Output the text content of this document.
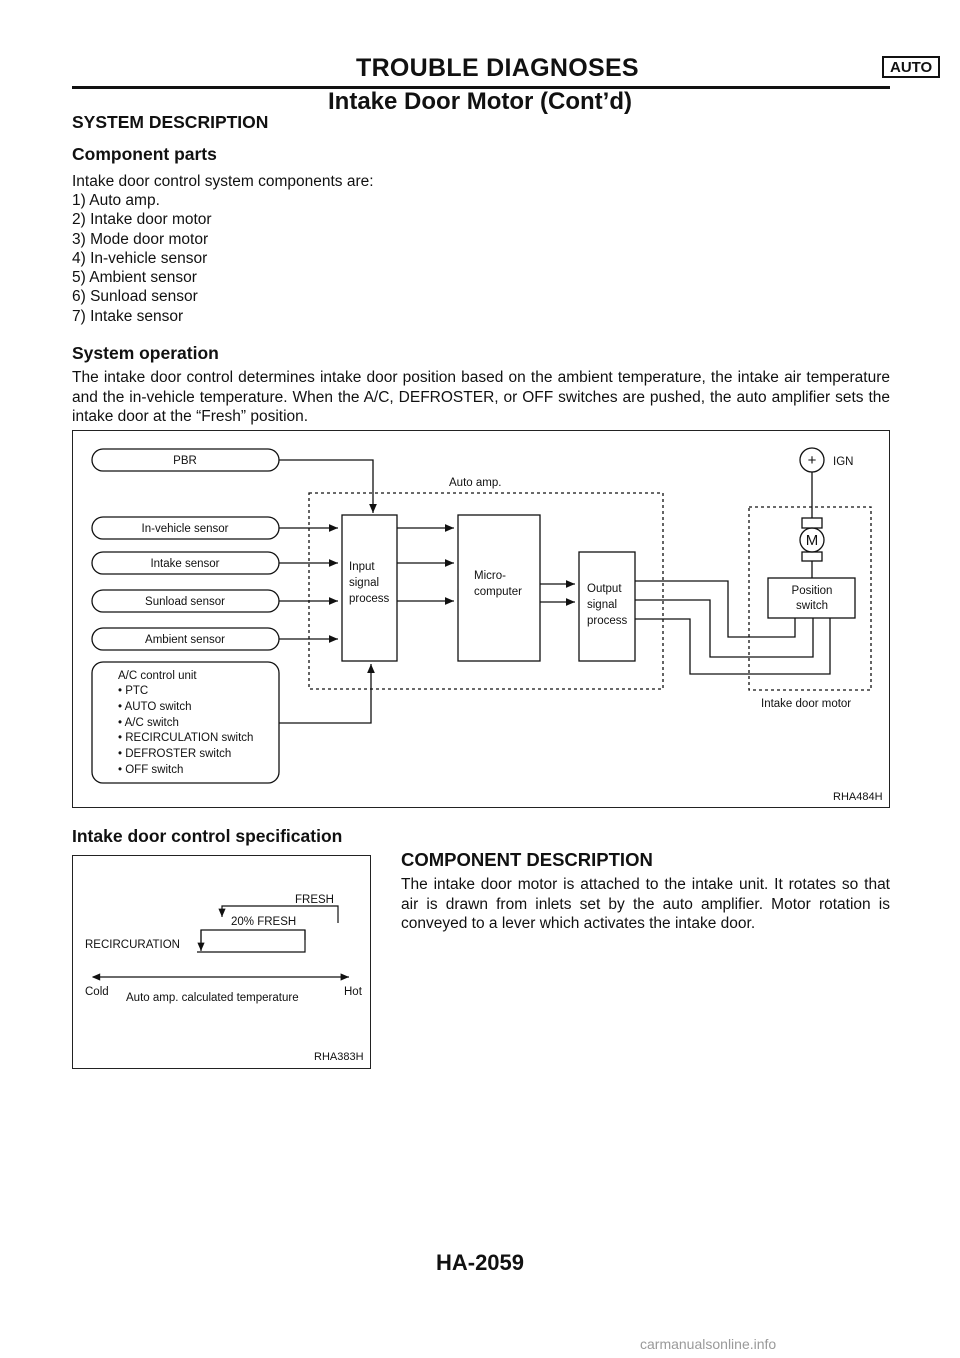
TROUBLE DIAGNOSES	AUTO
Intake Door Motor (Cont’d)
SYSTEM DESCRIPTION
Component parts
Intake door control system components are:
1) Auto amp.
2) Intake door motor
3) Mode door motor
4) In-vehicle sensor
5) Ambient sensor
6) Sunload sensor
7) Intake sensor
System operation
The intake door control determines intake door position based on the ambient temperature, the intake air temperature and the in-vehicle temperature. When the A/C, DEFROSTER, or OFF switches are pushed, the auto amplifier sets the intake door at the “Fresh” position.
PBR
In-vehicle sensor
Intake sensor
Sunload sensor
Ambient sensor
A/C control unit
• PTC
• AUTO switch
• A/C switch
• RECIRCULATION switch
• DEFROSTER switch
• OFF switch
Auto amp.
Input
signal
process
Micro-
computer	Output
signal
process
M
+ IGN
Position
switch
Intake door motor
RHA484H
Intake door control specification
FRESH
20% FRESH
RECIRCURATION
Cold	Hot
Auto amp. calculated temperature
RHA383H
COMPONENT DESCRIPTION
The intake door motor is attached to the intake unit. It rotates so that air is drawn from inlets set by the auto amplifier. Motor rotation is conveyed to a lever which activates the intake door.
HA-2059
carmanualsonline.info
